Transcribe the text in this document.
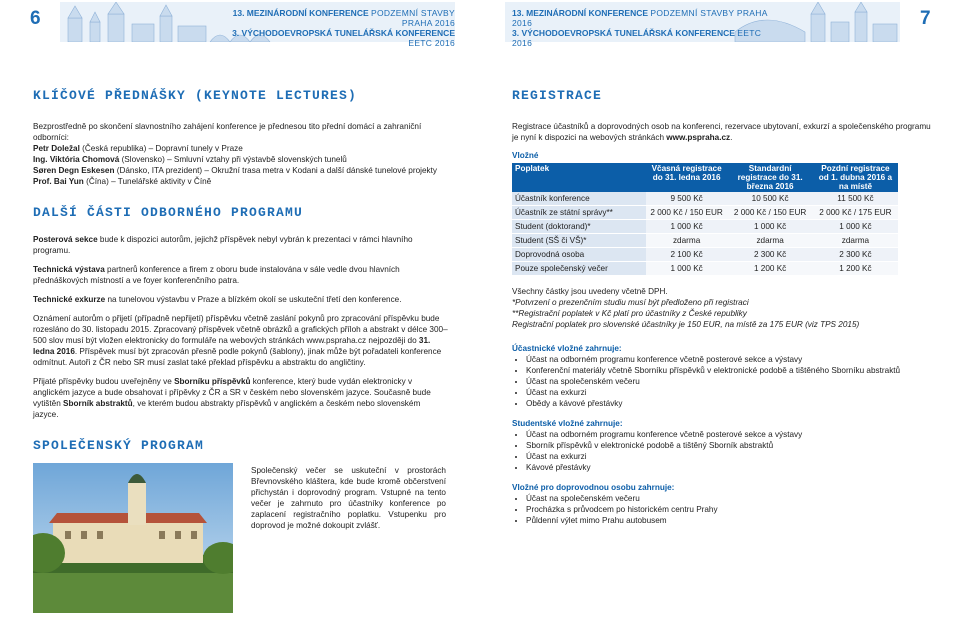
6	13. MEZINÁRODNÍ KONFERENCE PODZEMNÍ STAVBY PRAHA 2016
3. VÝCHODOEVROPSKÁ TUNELÁŘSKÁ KONFERENCE EETC 2016
13. MEZINÁRODNÍ KONFERENCE PODZEMNÍ STAVBY PRAHA 2016
3. VÝCHODOEVROPSKÁ TUNELÁŘSKÁ KONFERENCE EETC 2016
7
KLÍČOVÉ PŘEDNÁŠKY (KEYNOTE LECTURES)

Bezprostředně po skončení slavnostního zahájení konference je přednesou tito přední domácí a zahraniční odborníci:

Petr Doležal (Česká republika) – Dopravní tunely v Praze

Ing. Viktória Chomová (Slovensko) – Smluvní vztahy při výstavbě slovenských tunelů

Søren Degn Eskesen (Dánsko, ITA prezident) – Okružní trasa metra v Kodani a další dánské tunelové projekty

Prof. Bai Yun (Čína) – Tunelářské aktivity v Číně

DALŠÍ ČÁSTI ODBORNÉHO PROGRAMU

Posterová sekce bude k dispozici autorům, jejichž příspěvek nebyl vybrán k prezentaci v rámci hlavního programu.

Technická výstava partnerů konference a firem z oboru bude instalována v sále vedle dvou hlavních přednáškových místností a ve foyer konferenčního patra.

Technické exkurze na tunelovou výstavbu v Praze a blízkém okolí se uskuteční třetí den konference.

Oznámení autorům o přijetí (případně nepřijetí) příspěvku včetně zaslání pokynů pro zpracování příspěvku bude rozesláno do 30. listopadu 2015. Zpracovaný příspěvek včetně obrázků a grafických příloh a abstrakt v délce 300–500 slov musí být vložen elektronicky do formuláře na webových stránkách www.pspraha.cz nejpozději do 31. ledna 2016. Příspěvek musí být zpracován přesně podle pokynů (šablony), jinak může být pořadateli konference odmítnut. Autoři z ČR nebo SR musí zaslat také překlad příspěvku a abstraktu do angličtiny.

Přijaté příspěvky budou uveřejněny ve Sborníku příspěvků konference, který bude vydán elektronicky v anglickém jazyce a bude obsahovat i přípěvky z ČR a SR v českém nebo slovenském jazyce. Současně bude vytištěn Sborník abstraktů, ve kterém budou abstrakty příspěvků v anglickém a českém nebo slovenském jazyce.

SPOLEČENSKÝ PROGRAM

Společenský večer se uskuteční v prostorách Břevnovského kláštera, kde bude kromě občerstvení přichystán i doprovodný program. Vstupné na tento večer je zahrnuto pro účastníky konference po zaplacení registračního poplatku. Vstupenku pro doprovod je možné dokoupit zvlášť.

REGISTRACE

Registrace účastníků a doprovodných osob na konferenci, rezervace ubytovaní, exkurzí a společenského programu je nyní k dispozici na webových stránkách www.pspraha.cz.

Vložné
Poplatek	Včasná registrace do 31. ledna 2016	Standardní registrace do 31. března 2016	Pozdní registrace od 1. dubna 2016 a na místě
Účastník konference	9 500 Kč	10 500 Kč	11 500 Kč
Účastník ze státní správy**	2 000 Kč / 150 EUR	2 000 Kč / 150 EUR	2 000 Kč / 175 EUR
Student (doktorand)*	1 000 Kč	1 000 Kč	1 000 Kč
Student (SŠ či VŠ)*	zdarma	zdarma	zdarma
Doprovodná osoba	2 100 Kč	2 300 Kč	2 300 Kč
Pouze společenský večer	1 000 Kč	1 200 Kč	1 200 Kč

Všechny částky jsou uvedeny včetně DPH.

*Potvrzení o prezenčním studiu musí být předloženo při registraci

**Registrační poplatek v Kč platí pro účastníky z České republiky

Registrační poplatek pro slovenské účastníky je 150 EUR, na místě za 175 EUR (viz TPS 2015)

Účastnické vložné zahrnuje:
• Účast na odborném programu konference včetně posterové sekce a výstavy
• Konferenční materiály včetně Sborníku příspěvků v elektronické podobě a tištěného Sborníku abstraktů
• Účast na společenském večeru
• Účast na exkurzi
• Obědy a kávové přestávky
Studentské vložné zahrnuje:
• Účast na odborném programu konference včetně posterové sekce a výstavy
• Sborník příspěvků v elektronické podobě a tištěný Sborník abstraktů
• Účast na exkurzi
• Kávové přestávky
Vložné pro doprovodnou osobu zahrnuje:
• Účast na společenském večeru
• Procházka s průvodcem po historickém centru Prahy
• Půldenní výlet mimo Prahu autobusem
